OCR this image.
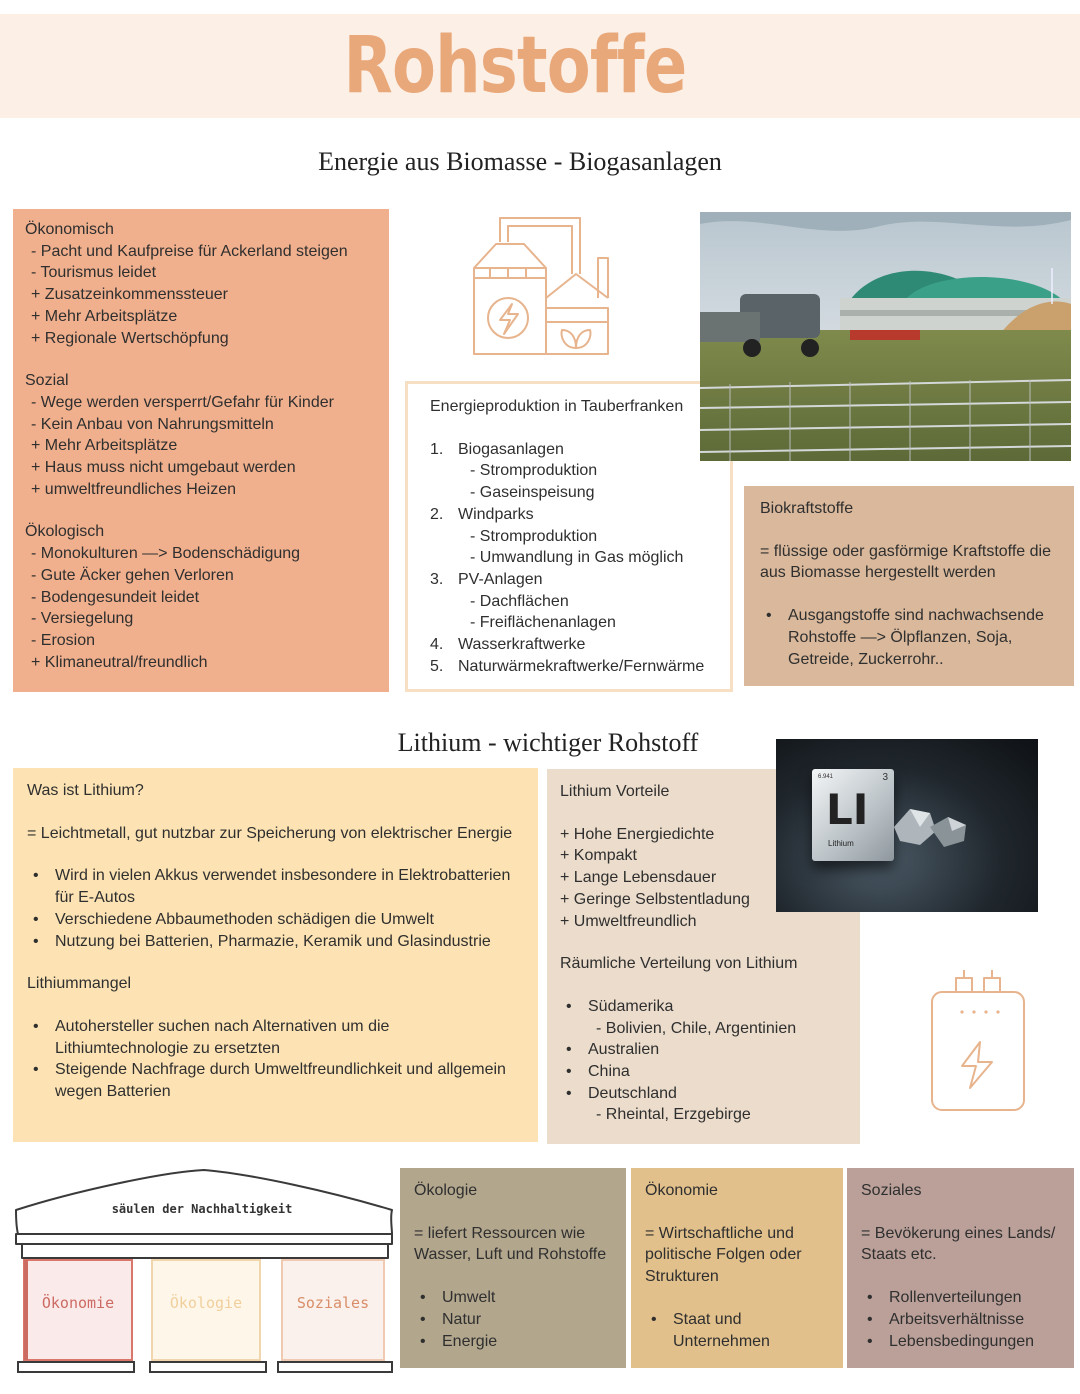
Rohstoffe
Energie aus Biomasse - Biogasanlagen

Ökonomisch

- Pacht und Kaufpreise für Ackerland steigen

- Tourismus leidet

+ Zusatzeinkommenssteuer

+ Mehr Arbeitsplätze

+ Regionale Wertschöpfung

Sozial

- Wege werden versperrt/Gefahr für Kinder

- Kein Anbau von Nahrungsmitteln

+ Mehr Arbeitsplätze

+ Haus muss nicht umgebaut werden

+ umweltfreundliches Heizen

Ökologisch

- Monokulturen —> Bodenschädigung

- Gute Äcker gehen Verloren

- Bodengesundeit leidet

- Versiegelung

- Erosion

+ Klimaneutral/freundlich

Energieproduktion in Tauberfranken

1. Biogasanlagen
- Stromproduktion
- Gaseinspeisung
2. Windparks
- Stromproduktion
- Umwandlung in Gas möglich
3. PV-Anlagen
- Dachflächen
- Freiflächenanlagen
4. Wasserkraftwerke
5. Naturwärmekraftwerke/Fernwärme

Biokraftstoffe

= flüssige oder gasförmige Kraftstoffe die aus Biomasse hergestellt werden

• Ausgangstoffe sind nachwachsende Rohstoffe —> Ölpflanzen, Soja, Getreide, Zuckerrohr..
Lithium - wichtiger Rohstoff

Was ist Lithium?

= Leichtmetall, gut nutzbar zur Speicherung von elektrischer Energie

• Wird in vielen Akkus verwendet insbesondere in Elektrobatterien für E-Autos
• Verschiedene Abbaumethoden schädigen die Umwelt
• Nutzung bei Batterien, Pharmazie, Keramik und Glasindustrie

Lithiummangel

• Autohersteller suchen nach Alternativen um die Lithiumtechnologie zu ersetzten
• Steigende Nachfrage durch Umweltfreundlichkeit und allgemein wegen Batterien

Lithium Vorteile

+ Hohe Energiedichte

+ Kompakt

+ Lange Lebensdauer

+ Geringe Selbstentladung

+ Umweltfreundlich

Räumliche Verteilung von Lithium

• Südamerika

- Bolivien, Chile, Argentinien

• Australien
• China
• Deutschland

- Rheintal, Erzgebirge

6.941	3
LI
Lithium
säulen der Nachhaltigkeit
Ökonomie	Ökologie	Soziales

Ökologie

= liefert Ressourcen wie Wasser, Luft und Rohstoffe

• Umwelt
• Natur
• Energie

Ökonomie

= Wirtschaftliche und politische Folgen oder Strukturen

• Staat und Unternehmen

Soziales

= Bevökerung eines Lands/ Staats etc.

• Rollenverteilungen
• Arbeitsverhältnisse
• Lebensbedingungen
